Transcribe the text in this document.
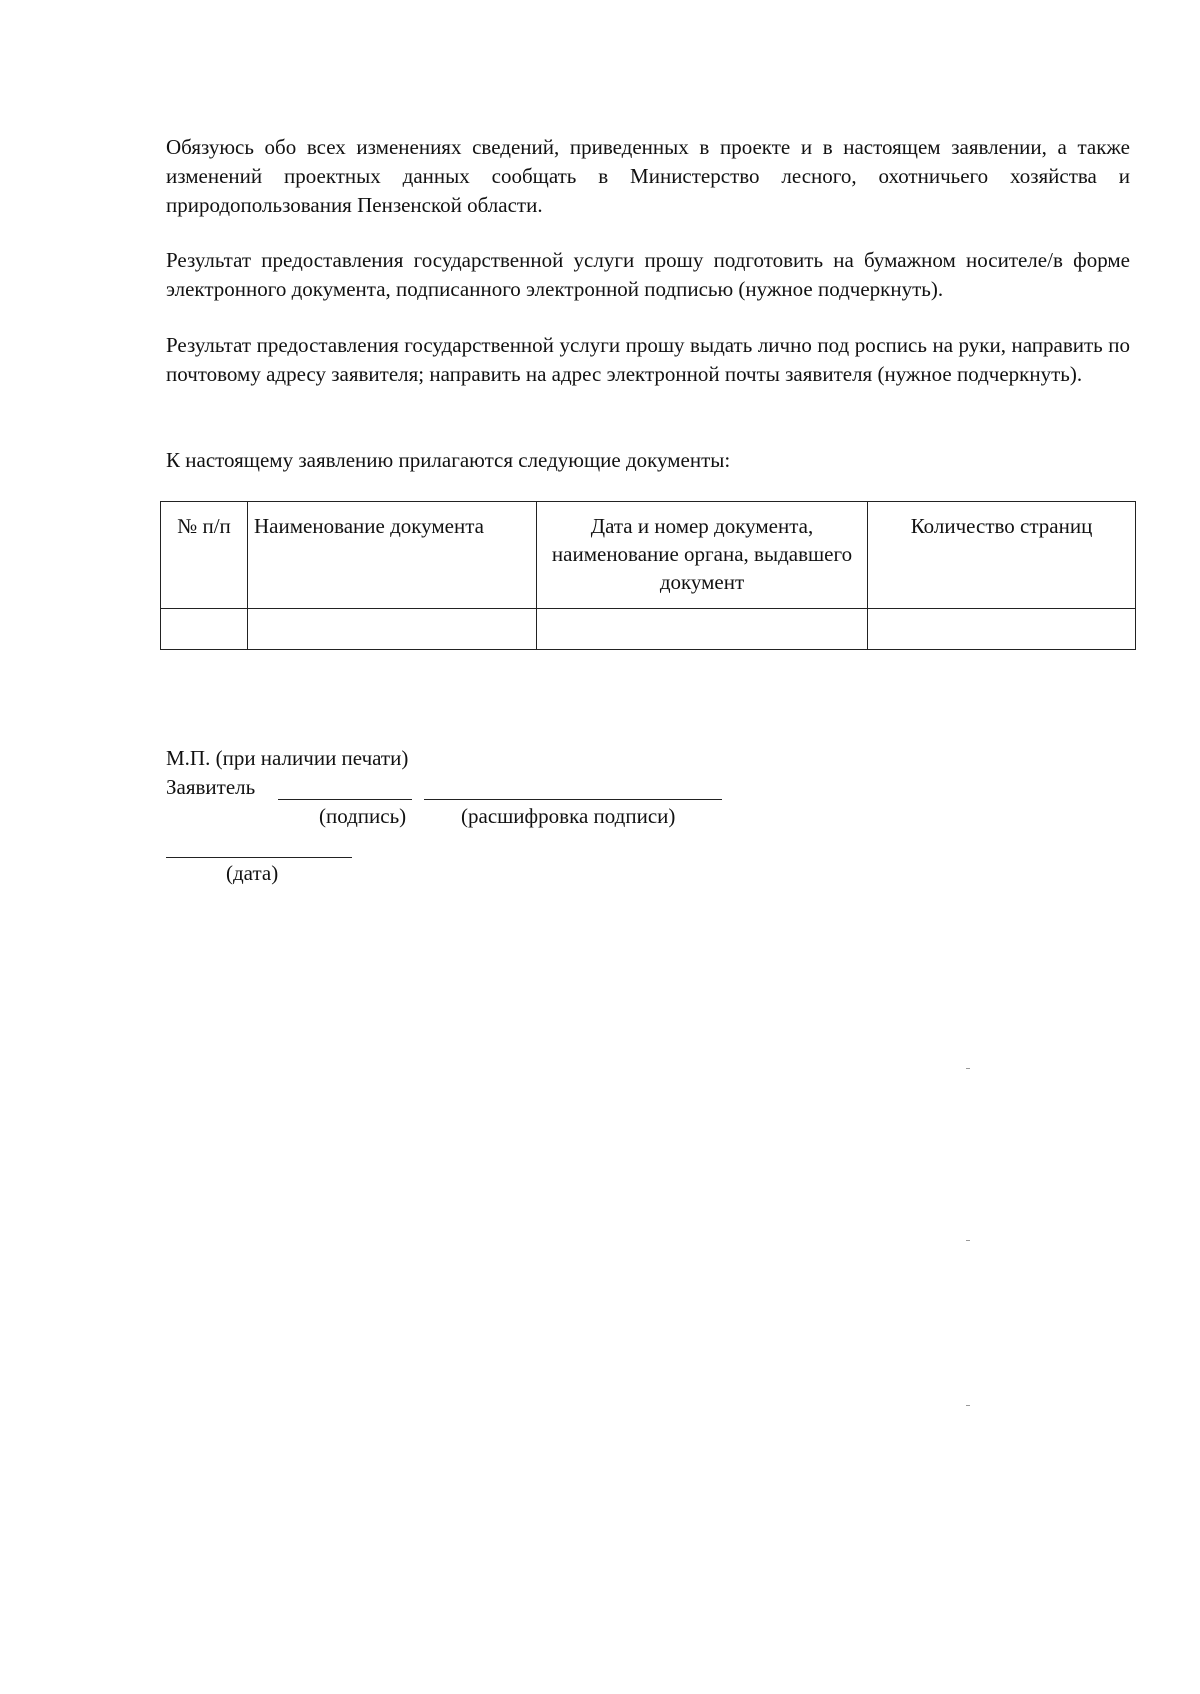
Обязуюсь обо всех изменениях сведений, приведенных в проекте и в настоящем заявлении, а также изменений проектных данных сообщать в Министерство лесного, охотничьего хозяйства и природопользования Пензенской области.

Результат предоставления государственной услуги прошу подготовить на бумажном носителе/в форме электронного документа, подписанного электронной подписью (нужное подчеркнуть).

Результат предоставления государственной услуги прошу выдать лично под роспись на руки, направить по почтовому адресу заявителя; направить на адрес электронной почты заявителя (нужное подчеркнуть).

К настоящему заявлению прилагаются следующие документы:

№ п/п	Наименование документа	Дата и номер документа, наименование органа, выдавшего документ	Количество страниц

М.П. (при наличии печати)
Заявитель
(подпись)	(расшифровка подписи)
(дата)
